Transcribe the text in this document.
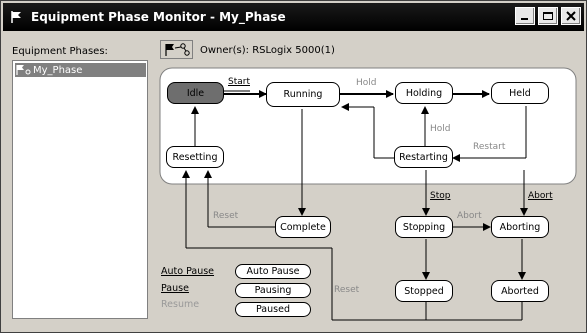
Equipment Phase Monitor - My_Phase
Equipment Phases:
My_Phase
Owner(s): RSLogix 5000(1)
Idle	Running	Holding	Held
Resetting	Restarting
Complete	Stopping	Aborting
Stopped	Aborted
Auto Pause
Pausing
Paused
Start	Hold
Hold
Restart
Reset
Stop
Abort
Abort
Reset
Auto Pause
Pause
Resume
